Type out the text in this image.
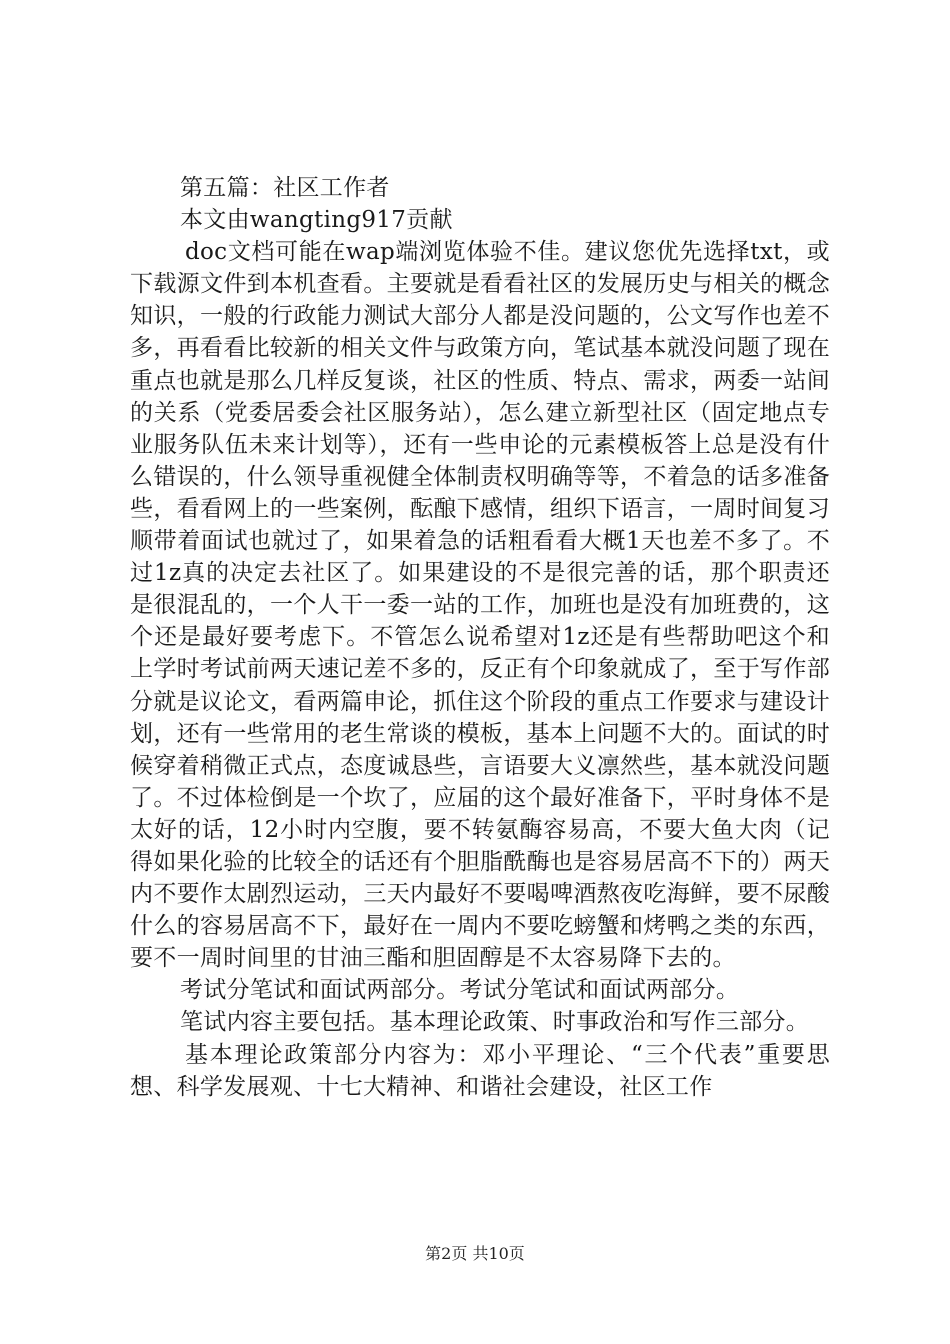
第五篇：社区工作者

本文由wangting917贡献

doc文档可能在wap端浏览体验不佳。建议您优先选择txt，或下载源文件到本机查看。主要就是看看社区的发展历史与相关的概念知识，一般的行政能力测试大部分人都是没问题的，公文写作也差不多，再看看比较新的相关文件与政策方向，笔试基本就没问题了现在重点也就是那么几样反复谈，社区的性质、特点、需求，两委一站间的关系（党委居委会社区服务站），怎么建立新型社区（固定地点专业服务队伍未来计划等），还有一些申论的元素模板答上总是没有什么错误的，什么领导重视健全体制责权明确等等，不着急的话多准备些，看看网上的一些案例，酝酿下感情，组织下语言，一周时间复习顺带着面试也就过了，如果着急的话粗看看大概1天也差不多了。不过1z真的决定去社区了。如果建设的不是很完善的话，那个职责还是很混乱的，一个人干一委一站的工作，加班也是没有加班费的，这个还是最好要考虑下。不管怎么说希望对1z还是有些帮助吧这个和上学时考试前两天速记差不多的，反正有个印象就成了，至于写作部分就是议论文，看两篇申论，抓住这个阶段的重点工作要求与建设计划，还有一些常用的老生常谈的模板，基本上问题不大的。面试的时候穿着稍微正式点，态度诚恳些，言语要大义凛然些，基本就没问题了。不过体检倒是一个坎了，应届的这个最好准备下，平时身体不是太好的话，12小时内空腹，要不转氨酶容易高，不要大鱼大肉（记得如果化验的比较全的话还有个胆脂酰酶也是容易居高不下的）两天内不要作太剧烈运动，三天内最好不要喝啤酒熬夜吃海鲜，要不尿酸什么的容易居高不下，最好在一周内不要吃螃蟹和烤鸭之类的东西，要不一周时间里的甘油三酯和胆固醇是不太容易降下去的。

考试分笔试和面试两部分。考试分笔试和面试两部分。

笔试内容主要包括。基本理论政策、时事政治和写作三部分。

基本理论政策部分内容为：邓小平理论、“三个代表”重要思想、科学发展观、十七大精神、和谐社会建设，社区工作

第2页 共10页
